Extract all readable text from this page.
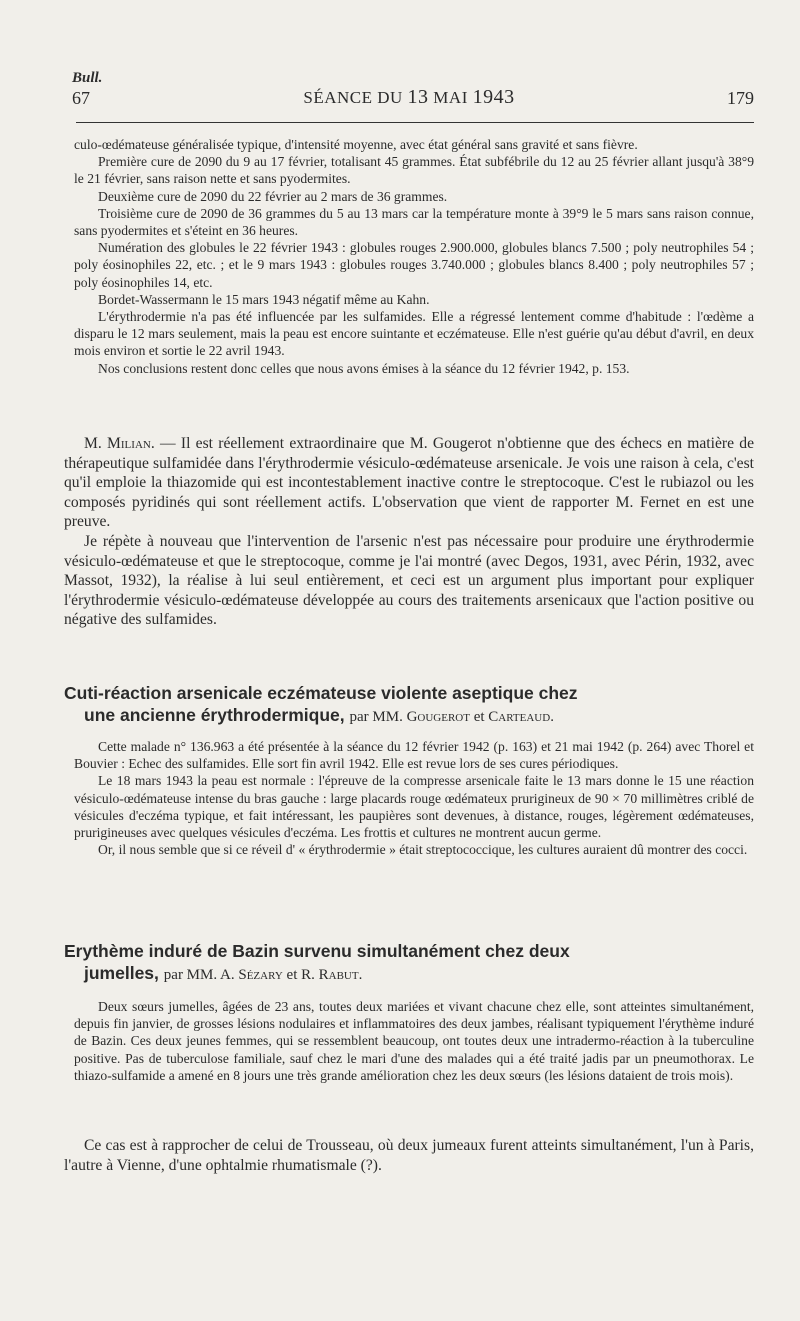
Bull.
67	SÉANCE DU 13 MAI 1943	179

culo-œdémateuse généralisée typique, d'intensité moyenne, avec état général sans gravité et sans fièvre.

Première cure de 2090 du 9 au 17 février, totalisant 45 grammes. État subfébrile du 12 au 25 février allant jusqu'à 38°9 le 21 février, sans raison nette et sans pyodermites.

Deuxième cure de 2090 du 22 février au 2 mars de 36 grammes.

Troisième cure de 2090 de 36 grammes du 5 au 13 mars car la température monte à 39°9 le 5 mars sans raison connue, sans pyodermites et s'éteint en 36 heures.

Numération des globules le 22 février 1943 : globules rouges 2.900.000, globules blancs 7.500 ; poly neutrophiles 54 ; poly éosinophiles 22, etc. ; et le 9 mars 1943 : globules rouges 3.740.000 ; globules blancs 8.400 ; poly neutrophiles 57 ; poly éosinophiles 14, etc.

Bordet-Wassermann le 15 mars 1943 négatif même au Kahn.

L'érythrodermie n'a pas été influencée par les sulfamides. Elle a régressé lentement comme d'habitude : l'œdème a disparu le 12 mars seulement, mais la peau est encore suintante et eczémateuse. Elle n'est guérie qu'au début d'avril, en deux mois environ et sortie le 22 avril 1943.

Nos conclusions restent donc celles que nous avons émises à la séance du 12 février 1942, p. 153.

M. Milian. — Il est réellement extraordinaire que M. Gougerot n'obtienne que des échecs en matière de thérapeutique sulfamidée dans l'érythrodermie vésiculo-œdémateuse arsenicale. Je vois une raison à cela, c'est qu'il emploie la thiazomide qui est incontestablement inactive contre le streptocoque. C'est le rubiazol ou les composés pyridinés qui sont réellement actifs. L'observation que vient de rapporter M. Fernet en est une preuve.

Je répète à nouveau que l'intervention de l'arsenic n'est pas nécessaire pour produire une érythrodermie vésiculo-œdémateuse et que le streptocoque, comme je l'ai montré (avec Degos, 1931, avec Périn, 1932, avec Massot, 1932), la réalise à lui seul entièrement, et ceci est un argument plus important pour expliquer l'érythrodermie vésiculo-œdémateuse développée au cours des traitements arsenicaux que l'action positive ou négative des sulfamides.

Cuti-réaction arsenicale eczémateuse violente aseptique chez
une ancienne érythrodermique, par MM. Gougerot et Carteaud.

Cette malade n° 136.963 a été présentée à la séance du 12 février 1942 (p. 163) et 21 mai 1942 (p. 264) avec Thorel et Bouvier : Echec des sulfamides. Elle sort fin avril 1942. Elle est revue lors de ses cures périodiques.

Le 18 mars 1943 la peau est normale : l'épreuve de la compresse arsenicale faite le 13 mars donne le 15 une réaction vésiculo-œdémateuse intense du bras gauche : large placards rouge œdémateux prurigineux de 90 × 70 millimètres criblé de vésicules d'eczéma typique, et fait intéressant, les paupières sont devenues, à distance, rouges, légèrement œdémateuses, prurigineuses avec quelques vésicules d'eczéma. Les frottis et cultures ne montrent aucun germe.

Or, il nous semble que si ce réveil d' « érythrodermie » était streptococcique, les cultures auraient dû montrer des cocci.

Erythème induré de Bazin survenu simultanément chez deux
jumelles, par MM. A. Sézary et R. Rabut.

Deux sœurs jumelles, âgées de 23 ans, toutes deux mariées et vivant chacune chez elle, sont atteintes simultanément, depuis fin janvier, de grosses lésions nodulaires et inflammatoires des deux jambes, réalisant typiquement l'érythème induré de Bazin. Ces deux jeunes femmes, qui se ressemblent beaucoup, ont toutes deux une intradermo-réaction à la tuberculine positive. Pas de tuberculose familiale, sauf chez le mari d'une des malades qui a été traité jadis par un pneumothorax. Le thiazo-sulfamide a amené en 8 jours une très grande amélioration chez les deux sœurs (les lésions dataient de trois mois).

Ce cas est à rapprocher de celui de Trousseau, où deux jumeaux furent atteints simultanément, l'un à Paris, l'autre à Vienne, d'une ophtalmie rhumatismale (?).
